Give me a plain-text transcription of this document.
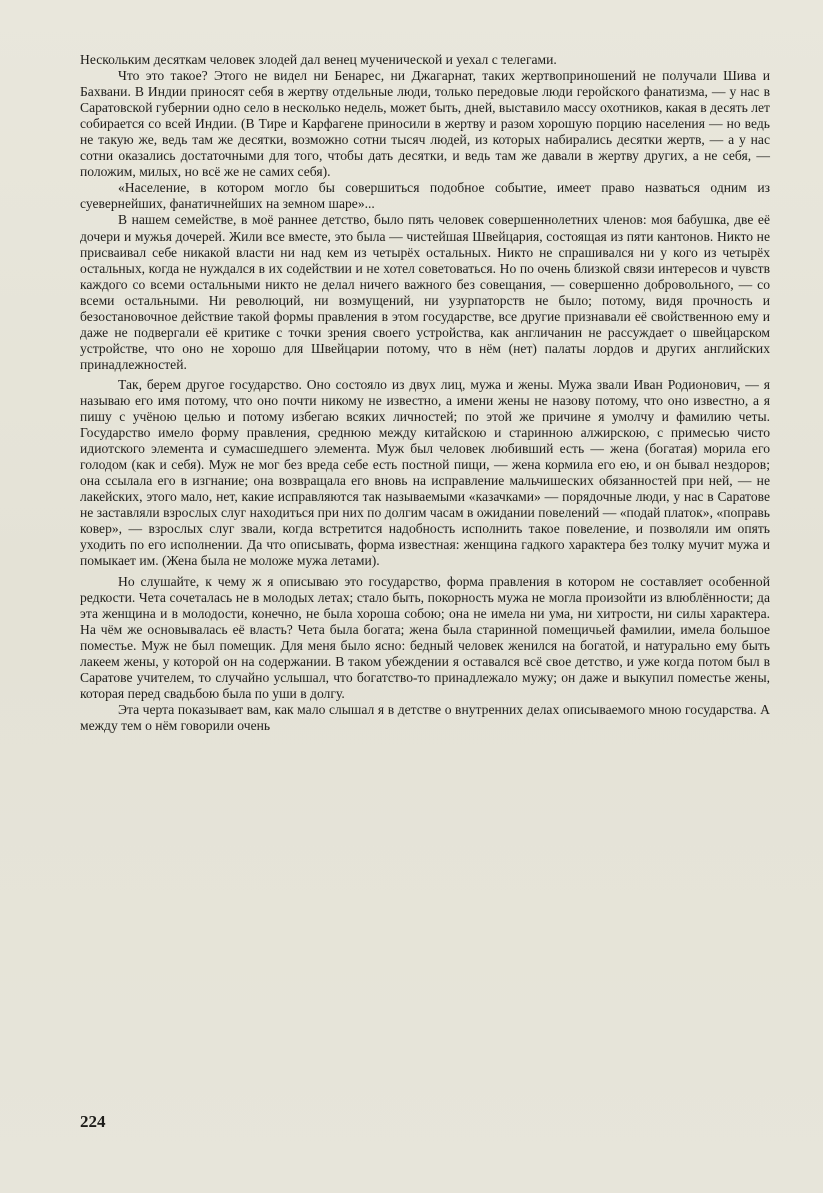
Нескольким десяткам человек злодей дал венец мученической и уехал с телегами.

Что это такое? Этого не видел ни Бенарес, ни Джагарнат, таких жертвоприношений не получали Шива и Бахвани. В Индии приносят себя в жертву отдельные люди, только передовые люди геройского фанатизма, — у нас в Саратовской губернии одно село в несколько недель, может быть, дней, выставило массу охотников, какая в десять лет собирается со всей Индии. (В Тире и Карфагене приносили в жертву и разом хорошую порцию населения — но ведь не такую же, ведь там же десятки, возможно сотни тысяч людей, из которых набирались десятки жертв, — а у нас сотни оказались достаточными для того, чтобы дать десятки, и ведь там же давали в жертву других, а не себя, — положим, милых, но всё же не самих себя).

«Население, в котором могло бы совершиться подобное событие, имеет право назваться одним из суевернейших, фанатичнейших на земном шаре»...

В нашем семействе, в моё раннее детство, было пять человек совершеннолетних членов: моя бабушка, две её дочери и мужья дочерей. Жили все вместе, это была — чистейшая Швейцария, состоящая из пяти кантонов. Никто не присваивал себе никакой власти ни над кем из четырёх остальных. Никто не спрашивался ни у кого из четырёх остальных, когда не нуждался в их содействии и не хотел советоваться. Но по очень близкой связи интересов и чувств каждого со всеми остальными никто не делал ничего важного без совещания, — совершенно добровольного, — со всеми остальными. Ни революций, ни возмущений, ни узурпаторств не было; потому, видя прочность и безостановочное действие такой формы правления в этом государстве, все другие признавали её свойственною ему и даже не подвергали её критике с точки зрения своего устройства, как англичанин не рассуждает о швейцарском устройстве, что оно не хорошо для Швейцарии потому, что в нём (нет) палаты лордов и других английских принадлежностей.

Так, берем другое государство. Оно состояло из двух лиц, мужа и жены. Мужа звали Иван Родионович, — я называю его имя потому, что оно почти никому не известно, а имени жены не назову потому, что оно известно, а я пишу с учёною целью и потому избегаю всяких личностей; по этой же причине я умолчу и фамилию четы. Государство имело форму правления, среднюю между китайскою и старинною алжирскою, с примесью чисто идиотского элемента и сумасшедшего элемента. Муж был человек любивший есть — жена (богатая) морила его голодом (как и себя). Муж не мог без вреда себе есть постной пищи, — жена кормила его ею, и он бывал нездоров; она ссылала его в изгнание; она возвращала его вновь на исправление мальчишеских обязанностей при ней, — не лакейских, этого мало, нет, какие исправляются так называемыми «казачками» — порядочные люди, у нас в Саратове не заставляли взрослых слуг находиться при них по долгим часам в ожидании повелений — «подай платок», «поправь ковер», — взрослых слуг звали, когда встретится надобность исполнить такое повеление, и позволяли им опять уходить по его исполнении. Да что описывать, форма известная: женщина гадкого характера без толку мучит мужа и помыкает им. (Жена была не моложе мужа летами).

Но слушайте, к чему ж я описываю это государство, форма правления в котором не составляет особенной редкости. Чета сочеталась не в молодых летах; стало быть, покорность мужа не могла произойти из влюблённости; да эта женщина и в молодости, конечно, не была хороша собою; она не имела ни ума, ни хитрости, ни силы характера. На чём же основывалась её власть? Чета была богата; жена была старинной помещичьей фамилии, имела большое поместье. Муж не был помещик. Для меня было ясно: бедный человек женился на богатой, и натурально ему быть лакеем жены, у которой он на содержании. В таком убеждении я оставался всё свое детство, и уже когда потом был в Саратове учителем, то случайно услышал, что богатство-то принадлежало мужу; он даже и выкупил поместье жены, которая перед свадьбою была по уши в долгу.

Эта черта показывает вам, как мало слышал я в детстве о внутренних делах описываемого мною государства. А между тем о нём говорили очень

224
